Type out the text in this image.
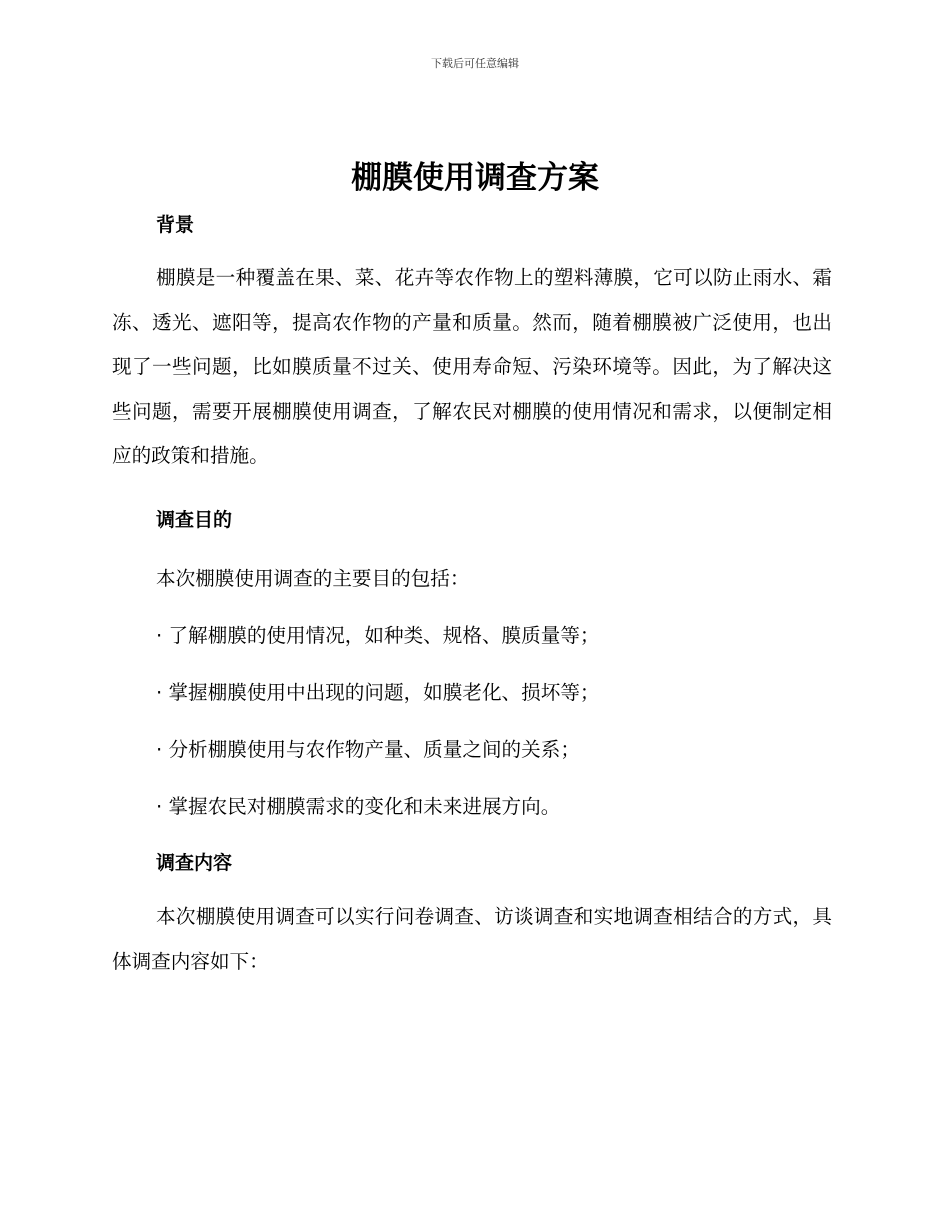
下载后可任意编辑
棚膜使用调查方案
背景

棚膜是一种覆盖在果、菜、花卉等农作物上的塑料薄膜，它可以防止雨水、霜冻、透光、遮阳等，提高农作物的产量和质量。然而，随着棚膜被广泛使用，也出现了一些问题，比如膜质量不过关、使用寿命短、污染环境等。因此，为了解决这些问题，需要开展棚膜使用调查，了解农民对棚膜的使用情况和需求，以便制定相应的政策和措施。

调查目的

本次棚膜使用调查的主要目的包括：

· 了解棚膜的使用情况，如种类、规格、膜质量等；

· 掌握棚膜使用中出现的问题，如膜老化、损坏等；

· 分析棚膜使用与农作物产量、质量之间的关系；

· 掌握农民对棚膜需求的变化和未来进展方向。

调查内容

本次棚膜使用调查可以实行问卷调查、访谈调查和实地调查相结合的方式，具体调查内容如下：
